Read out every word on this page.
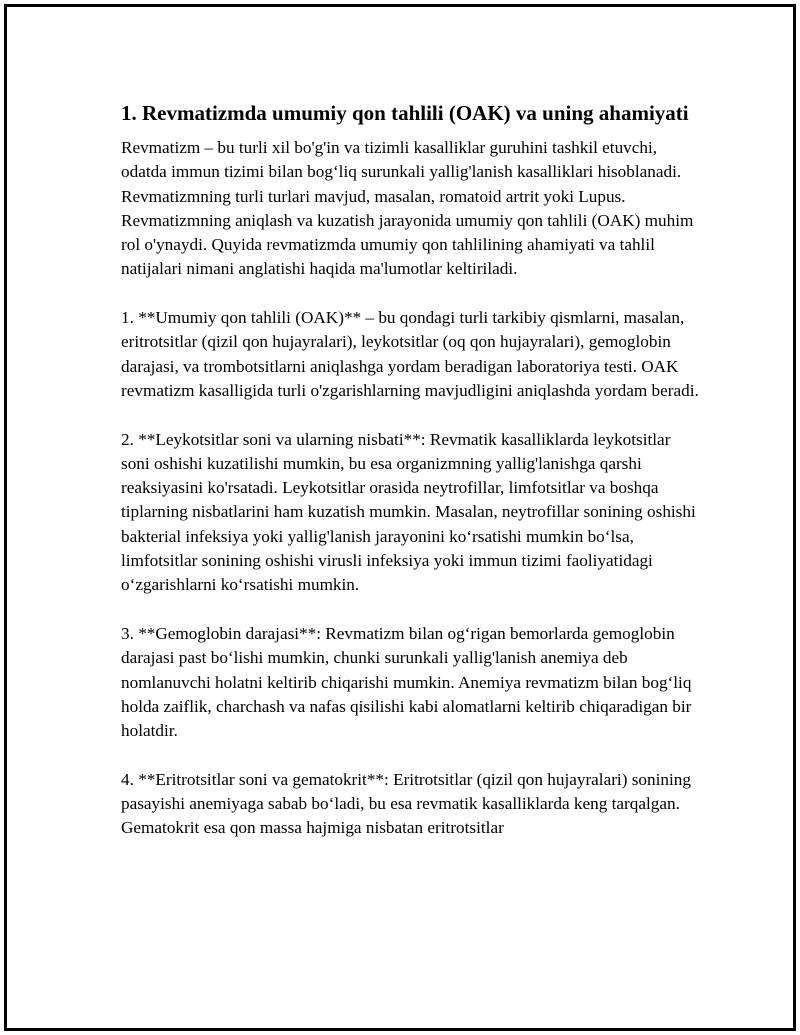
1. Revmatizmda umumiy qon tahlili (OAK) va uning ahamiyati

Revmatizm – bu turli xil bo'g'in va tizimli kasalliklar guruhini tashkil etuvchi, odatda immun tizimi bilan bog‘liq surunkali yallig'lanish kasalliklari hisoblanadi. Revmatizmning turli turlari mavjud, masalan, romatoid artrit yoki Lupus. Revmatizmning aniqlash va kuzatish jarayonida umumiy qon tahlili (OAK) muhim rol o'ynaydi. Quyida revmatizmda umumiy qon tahlilining ahamiyati va tahlil natijalari nimani anglatishi haqida ma'lumotlar keltiriladi.

1. **Umumiy qon tahlili (OAK)** – bu qondagi turli tarkibiy qismlarni, masalan, eritrotsitlar (qizil qon hujayralari), leykotsitlar (oq qon hujayralari), gemoglobin darajasi, va trombotsitlarni aniqlashga yordam beradigan laboratoriya testi. OAK revmatizm kasalligida turli o'zgarishlarning mavjudligini aniqlashda yordam beradi.

2. **Leykotsitlar soni va ularning nisbati**: Revmatik kasalliklarda leykotsitlar soni oshishi kuzatilishi mumkin, bu esa organizmning yallig'lanishga qarshi reaksiyasini ko'rsatadi. Leykotsitlar orasida neytrofillar, limfotsitlar va boshqa tiplarning nisbatlarini ham kuzatish mumkin. Masalan, neytrofillar sonining oshishi bakterial infeksiya yoki yallig'lanish jarayonini ko‘rsatishi mumkin bo‘lsa, limfotsitlar sonining oshishi virusli infeksiya yoki immun tizimi faoliyatidagi o‘zgarishlarni ko‘rsatishi mumkin.

3. **Gemoglobin darajasi**: Revmatizm bilan og‘rigan bemorlarda gemoglobin darajasi past bo‘lishi mumkin, chunki surunkali yallig'lanish anemiya deb nomlanuvchi holatni keltirib chiqarishi mumkin. Anemiya revmatizm bilan bog‘liq holda zaiflik, charchash va nafas qisilishi kabi alomatlarni keltirib chiqaradigan bir holatdir.

4. **Eritrotsitlar soni va gematokrit**: Eritrotsitlar (qizil qon hujayralari) sonining pasayishi anemiyaga sabab bo‘ladi, bu esa revmatik kasalliklarda keng tarqalgan. Gematokrit esa qon massa hajmiga nisbatan eritrotsitlar
